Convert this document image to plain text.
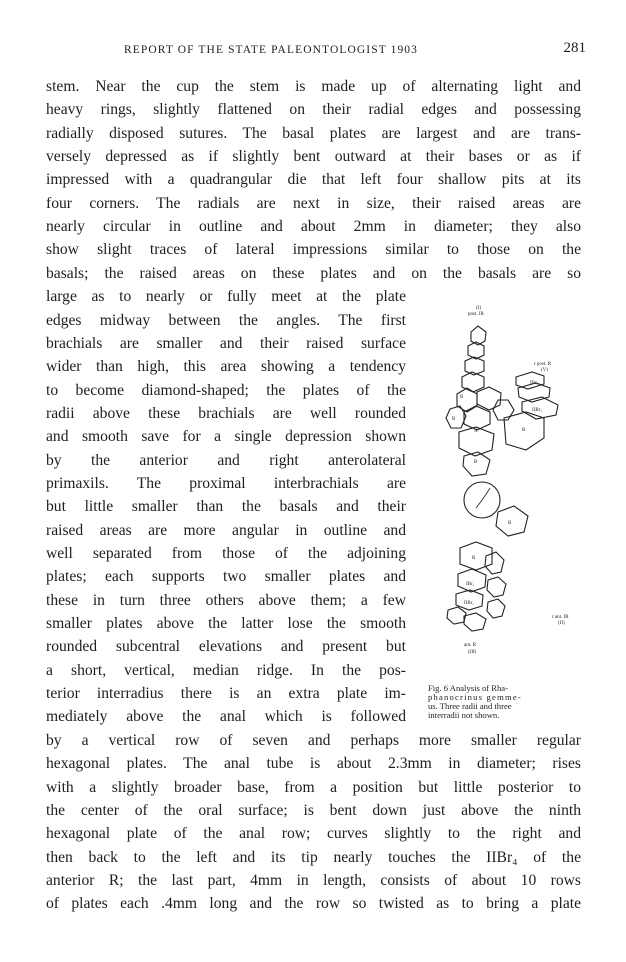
REPORT OF THE STATE PALEONTOLOGIST 1903	281
stem. Near the cup the stem is made up of alternating light and
heavy rings, slightly flattened on their radial edges and possessing
radially disposed sutures. The basal plates are largest and are trans-
versely depressed as if slightly bent outward at their bases or as if
impressed with a quadrangular die that left four shallow pits at its
four corners. The radials are next in size, their raised areas are
nearly circular in outline and about 2mm in diameter; they also
show slight traces of lateral impressions similar to those on the
basals; the raised areas on these plates and on the basals are so
large as to nearly or fully meet at the plate
edges midway between the angles. The first
brachials are smaller and their raised surface
wider than high, this area showing a tendency
to become diamond-shaped; the plates of the
radii above these brachials are well rounded
and smooth save for a single depression shown
by the anterior and right anterolateral
primaxils. The proximal interbrachials are
but little smaller than the basals and their
raised areas are more angular in outline and
well separated from those of the adjoining
plates; each supports two smaller plates and
these in turn three others above them; a few
smaller plates above the latter lose the smooth
rounded subcentral elevations and present but
a short, vertical, median ridge. In the pos-
terior interradius there is an extra plate im-
mediately above the anal which is followed
by a vertical row of seven and perhaps more smaller regular
hexagonal plates. The anal tube is about 2.3mm in diameter; rises
with a slightly broader base, from a position but little posterior to
the center of the oral surface; is bent down just above the ninth
hexagonal plate of the anal row; curves slightly to the right and
then back to the left and its tip nearly touches the IIBr₄ of the
anterior R; the last part, 4mm in length, consists of about 10 rows
of plates each .4mm long and the row so twisted as to bring a plate
(I)
post. IR
r post. R
(V)
IBr₁
IIBr₁
X
R
R
R
B
B
R
IBr₁
IIBr₁
r ant. IR
(II)
ant. R
(III)
Fig. 6 Analysis of Rha-
phanocrinus gemme-
us. Three radii and three
interradii not shown.
